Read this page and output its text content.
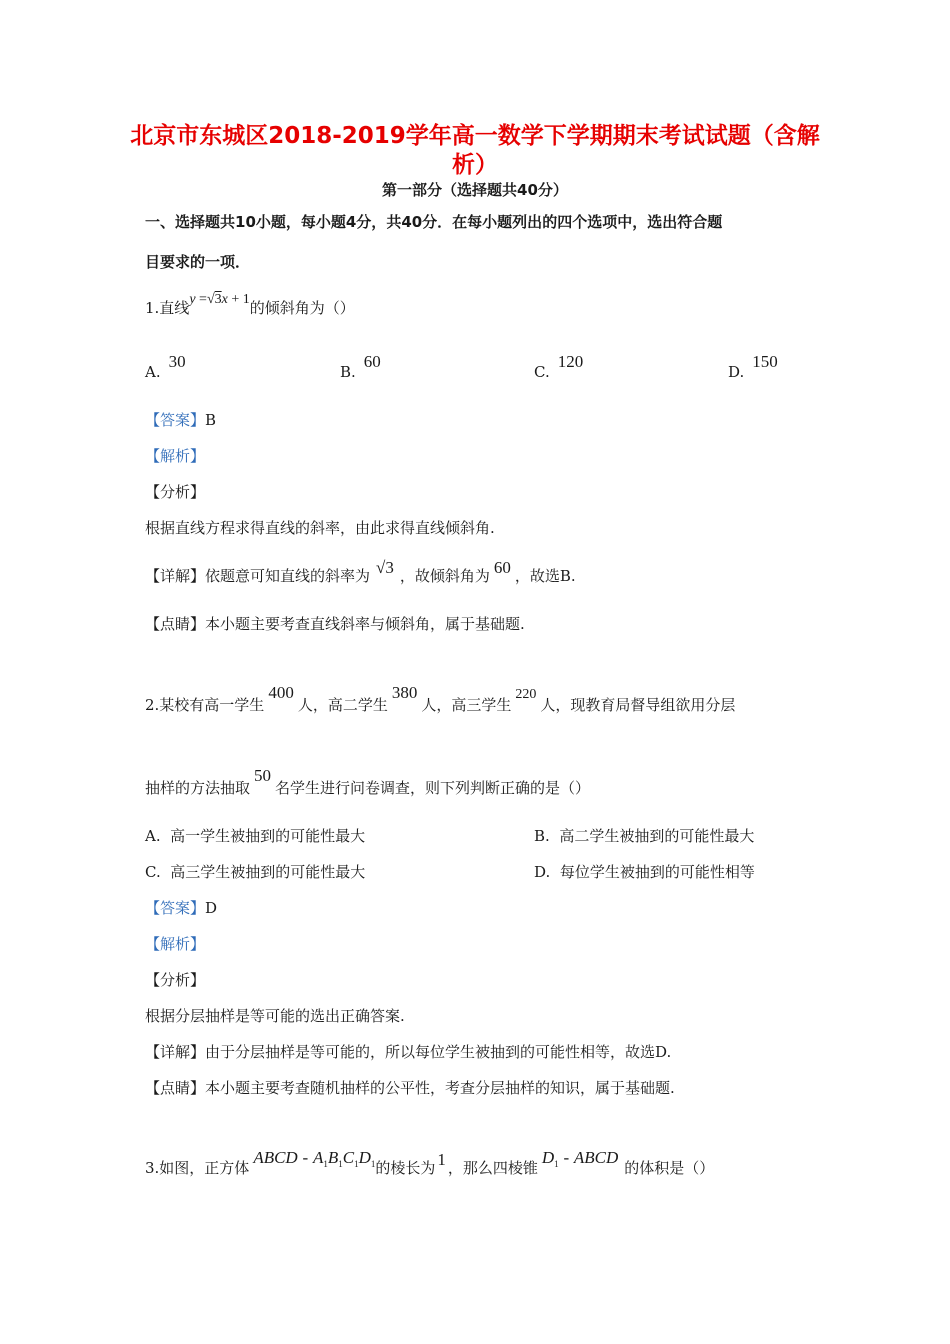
北京市东城区2018-2019学年高一数学下学期期末考试试题（含解
析）
第一部分（选择题共40分）
一、选择题共10小题，每小题4分，共40分．在每小题列出的四个选项中，选出符合题
目要求的一项．
1.直线y =√3x + 1的倾斜角为（）
A.30
B.60
C.120
D.150
【答案】B
【解析】
【分析】
根据直线方程求得直线的斜率，由此求得直线倾斜角.
【详解】依题意可知直线的斜率为 √3 ，故倾斜角为 60 ，故选B.
【点睛】本小题主要考查直线斜率与倾斜角，属于基础题.
2.某校有高一学生400人，高二学生380人，高三学生220人，现教育局督导组欲用分层
抽样的方法抽取50名学生进行问卷调查，则下列判断正确的是（）
A. 高一学生被抽到的可能性最大	B. 高二学生被抽到的可能性最大
C. 高三学生被抽到的可能性最大	D. 每位学生被抽到的可能性相等
【答案】D
【解析】
【分析】
根据分层抽样是等可能的选出正确答案.
【详解】由于分层抽样是等可能的，所以每位学生被抽到的可能性相等，故选D.
【点睛】本小题主要考查随机抽样的公平性，考查分层抽样的知识，属于基础题.
3.如图，正方体ABCD - $A_1B_1C_1D_1$的棱长为 1 ，那么四棱锥$D_1$ - ABCD的体积是（）
